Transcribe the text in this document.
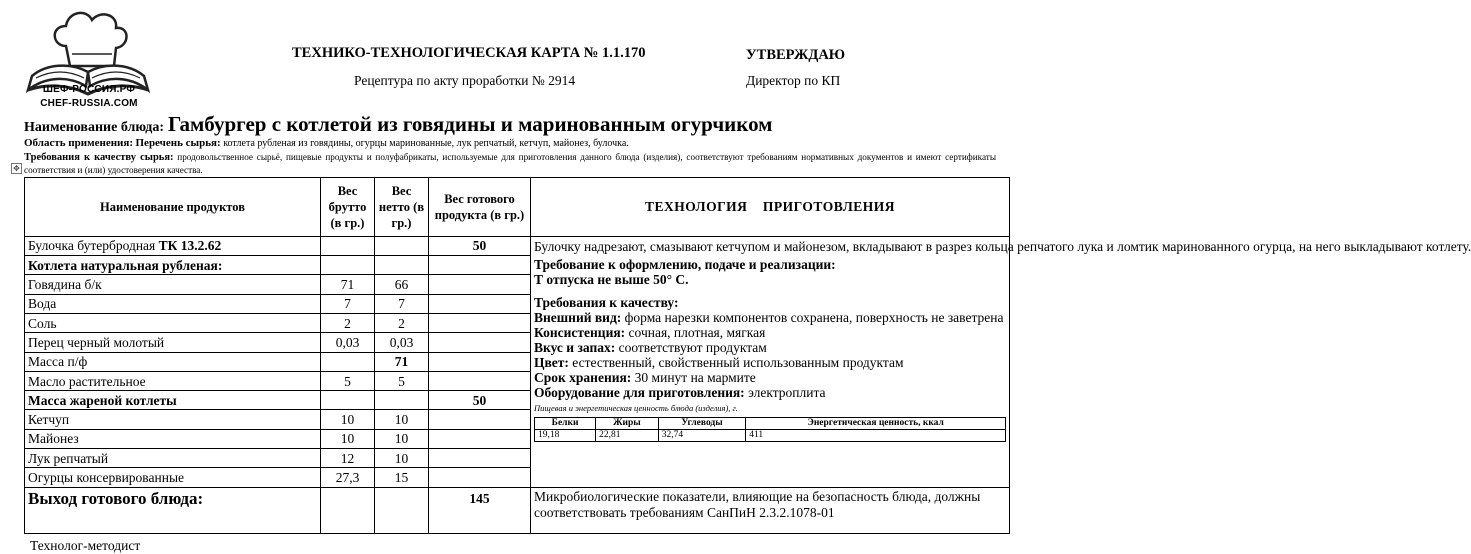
ШЕФ-РОССИЯ.РФ
CHEF-RUSSIA.COM
ТЕХНИКО-ТЕХНОЛОГИЧЕСКАЯ КАРТА № 1.1.170
Рецептура по акту проработки № 2914
УТВЕРЖДАЮ
Директор по КП
Наименование блюда: Гамбургер с котлетой из говядины и маринованным огурчиком
Область применения: Перечень сырья: котлета рубленая из говядины, огурцы маринованные, лук репчатый, кетчуп, майонез, булочка.
Требования к качеству сырья: продовольственное сырьё, пищевые продукты и полуфабрикаты, используемые для приготовления данного блюда (изделия), соответствуют требованиям нормативных документов и имеют сертификаты соответствия и (или) удостоверения качества.
✥
Наименование продуктов	Вес брутто (в гр.)	Вес нетто (в гр.)	Вес готового продукта (в гр.)	ТЕХНОЛОГИЯ    ПРИГОТОВЛЕНИЯ
Булочка бутербродная ТК 13.2.62			50	Булочку надрезают, смазывают кетчупом и майонезом, вкладывают в разрез кольца репчатого лука и ломтик маринованного огурца, на него выкладывают котлету.

Требование к оформлению, подаче и реализации:

Т отпуска не выше 50° С.

Требования к качеству:

Внешний вид: форма нарезки компонентов сохранена, поверхность не заветрена

Консистенция: сочная, плотная, мягкая

Вкус и запах: соответствуют продуктам

Цвет: естественный, свойственный использованным продуктам

Срок хранения: 30 минут на мармите

Оборудование для приготовления: электроплита

Пищевая и энергетическая ценность блюда (изделия), г.

Белки	Жиры	Углеводы	Энергетическая ценность, ккал
19,18	22,81	32,74	411

Котлета натуральная рубленая:			
Говядина б/к	71	66	
Вода	7	7	
Соль	2	2	
Перец черный молотый	0,03	0,03	
Масса п/ф		71	
Масло растительное	5	5	
Масса жареной котлеты			50
Кетчуп	10	10	
Майонез	10	10	
Лук репчатый	12	10	
Огурцы консервированные	27,3	15	
Выход готового блюда:			145	Микробиологические показатели, влияющие на безопасность блюда, должны соответствовать требованиям СанПиН 2.3.2.1078-01
Технолог-методист
